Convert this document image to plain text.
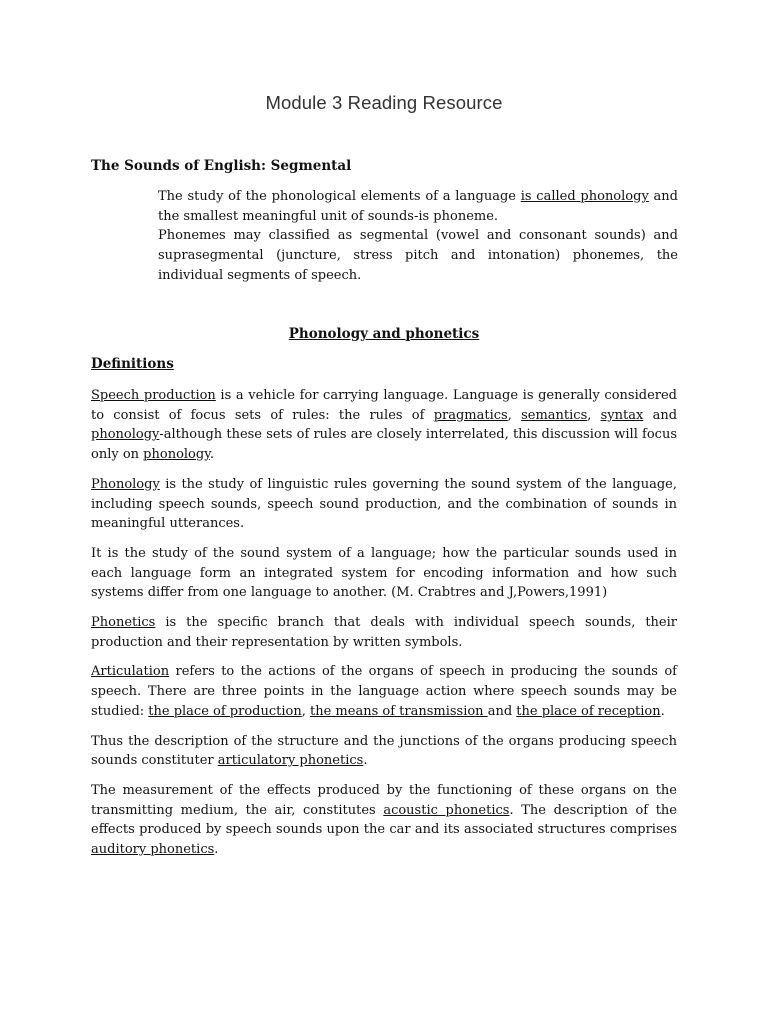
Module 3 Reading Resource
The Sounds of English: Segmental

The study of the phonological elements of a language is called phonology and the smallest meaningful unit of sounds-is phoneme.

Phonemes may classified as segmental (vowel and consonant sounds) and suprasegmental (juncture, stress pitch and intonation) phonemes, the individual segments of speech.

Phonology and phonetics
Definitions

Speech production is a vehicle for carrying language. Language is generally considered to consist of focus sets of rules: the rules of pragmatics, semantics, syntax and phonology-although these sets of rules are closely interrelated, this discussion will focus only on phonology.

Phonology is the study of linguistic rules governing the sound system of the language, including speech sounds, speech sound production, and the combination of sounds in meaningful utterances.

It is the study of the sound system of a language; how the particular sounds used in each language form an integrated system for encoding information and how such systems differ from one language to another. (M. Crabtres and J,Powers,1991)

Phonetics is the specific branch that deals with individual speech sounds, their production and their representation by written symbols.

Articulation refers to the actions of the organs of speech in producing the sounds of speech. There are three points in the language action where speech sounds may be studied: the place of production, the means of transmission and the place of reception.

Thus the description of the structure and the junctions of the organs producing speech sounds constituter articulatory phonetics.

The measurement of the effects produced by the functioning of these organs on the transmitting medium, the air, constitutes acoustic phonetics. The description of the effects produced by speech sounds upon the car and its associated structures comprises auditory phonetics.
